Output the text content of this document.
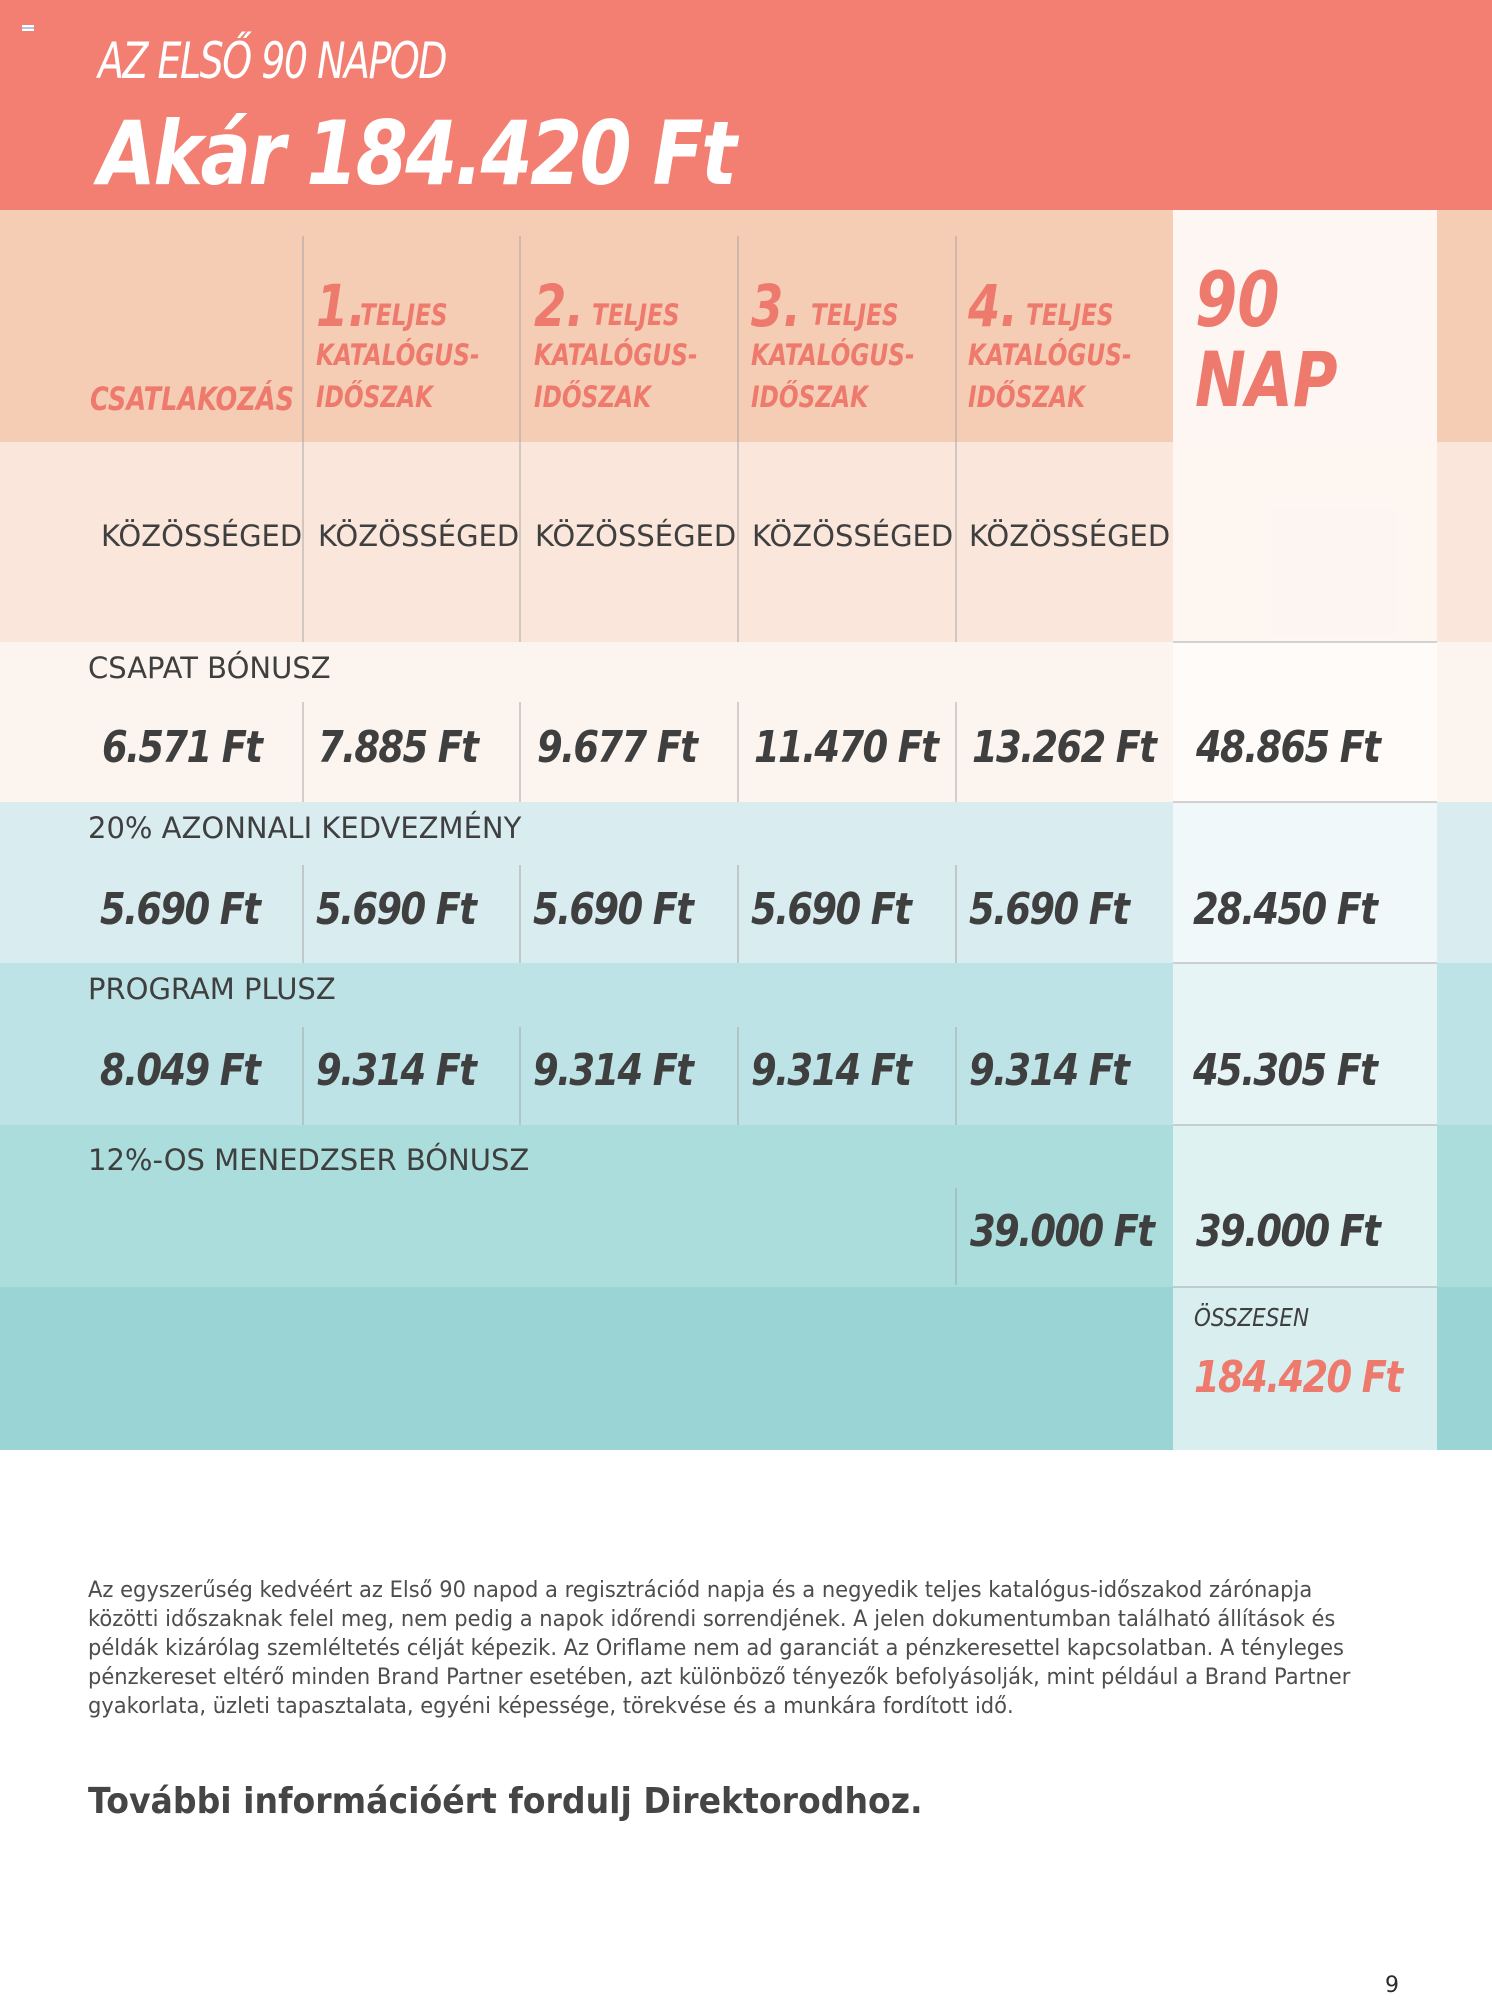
AZ ELSŐ 90 NAPOD
Akár 184.420 Ft
CSATLAKOZÁS
1.
TELJES
KATALÓGUS-
IDŐSZAK
2. TELJES
KATALÓGUS-
IDŐSZAK
3. TELJES
KATALÓGUS-
IDŐSZAK
4. TELJES
KATALÓGUS-
IDŐSZAK
90
NAP
KÖZÖSSÉGED KÖZÖSSÉGED KÖZÖSSÉGED KÖZÖSSÉGED KÖZÖSSÉGED
CSAPAT BÓNUSZ
6.571 Ft 7.885 Ft 9.677 Ft 11.470 Ft 13.262 Ft 48.865 Ft
20% AZONNALI KEDVEZMÉNY
5.690 Ft 5.690 Ft 5.690 Ft 5.690 Ft 5.690 Ft 28.450 Ft
PROGRAM PLUSZ
8.049 Ft 9.314 Ft 9.314 Ft 9.314 Ft 9.314 Ft 45.305 Ft
12%-OS MENEDZSER BÓNUSZ
39.000 Ft 39.000 Ft
ÖSSZESEN
184.420 Ft
Az egyszerűség kedvéért az Első 90 napod a regisztrációd napja és a negyedik teljes katalógus-időszakod zárónapja
közötti időszaknak felel meg, nem pedig a napok időrendi sorrendjének. A jelen dokumentumban található állítások és
példák kizárólag szemléltetés célját képezik. Az Oriflame nem ad garanciát a pénzkeresettel kapcsolatban. A tényleges
pénzkereset eltérő minden Brand Partner esetében, azt különböző tényezők befolyásolják, mint például a Brand Partner
gyakorlata, üzleti tapasztalata, egyéni képessége, törekvése és a munkára fordított idő.
További információért fordulj Direktorodhoz.
9
